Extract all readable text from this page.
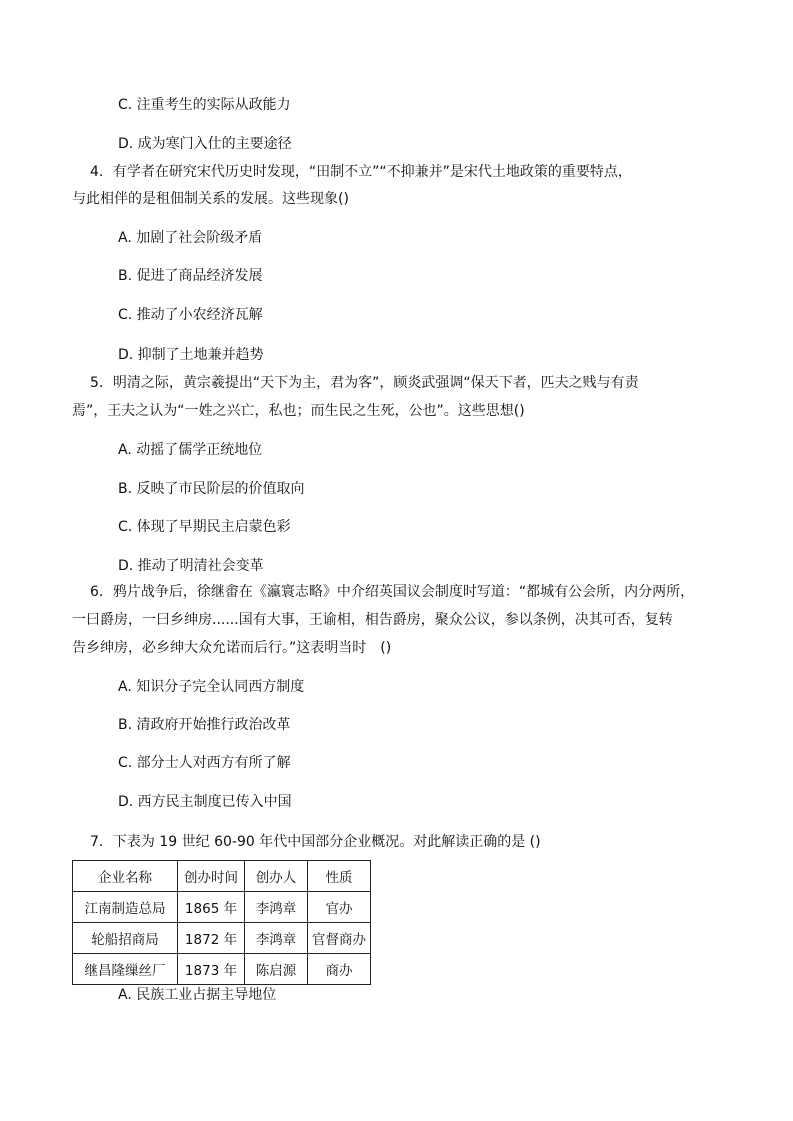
C. 注重考生的实际从政能力
D. 成为寒门入仕的主要途径
4．有学者在研究宋代历史时发现，“田制不立”“不抑兼并”是宋代土地政策的重要特点，
与此相伴的是租佃制关系的发展。这些现象()
A. 加剧了社会阶级矛盾
B. 促进了商品经济发展
C. 推动了小农经济瓦解
D. 抑制了土地兼并趋势
5．明清之际，黄宗羲提出“天下为主，君为客”，顾炎武强调“保天下者，匹夫之贱与有责
焉”，王夫之认为“一姓之兴亡，私也；而生民之生死，公也”。这些思想()
A. 动摇了儒学正统地位
B. 反映了市民阶层的价值取向
C. 体现了早期民主启蒙色彩
D. 推动了明清社会变革
6．鸦片战争后，徐继畬在《瀛寰志略》中介绍英国议会制度时写道：“都城有公会所，内分两所，
一曰爵房，一曰乡绅房......国有大事，王谕相，相告爵房，聚众公议，参以条例，决其可否，复转
告乡绅房，必乡绅大众允诺而后行。”这表明当时　()
A. 知识分子完全认同西方制度
B. 清政府开始推行政治改革
C. 部分士人对西方有所了解
D. 西方民主制度已传入中国
7．下表为 19 世纪 60-90 年代中国部分企业概况。对此解读正确的是 ()
企业名称	创办时间	创办人	性质
江南制造总局	1865 年	李鸿章	官办
轮船招商局	1872 年	李鸿章	官督商办
继昌隆缫丝厂	1873 年	陈启源	商办
A. 民族工业占据主导地位
